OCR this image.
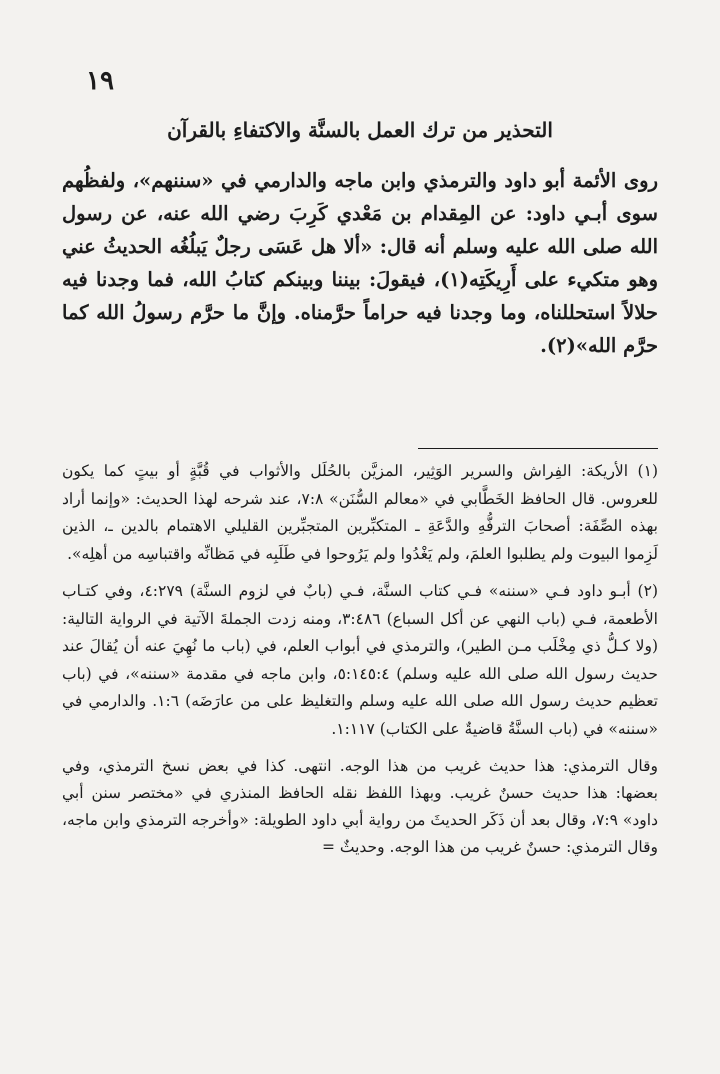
١٩
التحذير من ترك العمل بالسنَّة والاكتفاءِ بالقرآن
روى الأئمة أبو داود والترمذي وابن ماجه والدارمي في «سننهم»، ولفظُهم سوى أبـي داود: عن المِقدام بن مَعْدي كَرِبَ رضي الله عنه، عن رسول الله صلى الله عليه وسلم أنه قال: «ألا هل عَسَى رجلٌ يَبلُغُه الحديثُ عني وهو متكيء على أَرِيكَتِه(١)، فيقولَ: بيننا وبينكم كتابُ الله، فما وجدنا فيه حلالاً استحللناه، وما وجدنا فيه حراماً حرَّمناه. وإنَّ ما حرَّم رسولُ الله كما حرَّم الله»(٢).

(١) الأريكة: الفِراش والسرير الوَثِير، المزيَّن بالحُلَل والأثواب في قُبَّةٍ أو بيتٍ كما يكون للعروس. قال الحافظ الخَطَّابي في «معالم السُّنَن» ٧:٨، عند شرحه لهذا الحديث: «وإنما أراد بهذه الصِّفَة: أصحابَ الترفُّهِ والدَّعَةِ ـ المتكبِّرين المتجبِّرين القليلي الاهتمام بالدين ـ، الذين لَزِموا البيوت ولم يطلبوا العلمَ، ولم يَغْدُوا ولم يَرُوحوا في طَلَبِه في مَظانِّه واقتباسِه من أهلِه».

(٢) أبـو داود فـي «سننه» فـي كتاب السنَّة، فـي (بابٌ في لزوم السنَّة) ٤:٢٧٩، وفي كتـاب الأطعمة، فـي (باب النهي عن أكل السباع) ٣:٤٨٦، ومنه زدت الجملةَ الآتية في الرواية التالية: (ولا كـلُّ ذي مِخْلَب مـن الطير)، والترمذي في أبواب العلم، في (باب ما نُهِيَ عنه أن يُقالَ عند حديث رسول الله صلى الله عليه وسلم) ٥:١٤٥:٤، وابن ماجه في مقدمة «سننه»، في (باب تعظيم حديث رسول الله صلى الله عليه وسلم والتغليظ على من عارَضَه) ١:٦. والدارمي في «سننه» في (باب السنَّةُ قاضيةٌ على الكتاب) ١:١١٧.

وقال الترمذي: هذا حديث غريب من هذا الوجه. انتهى. كذا في بعض نسخ الترمذي، وفي بعضها: هذا حديث حسنٌ غريب. وبهذا اللفظ نقله الحافظ المنذري في «مختصر سنن أبي داود» ٧:٩، وقال بعد أن ذَكَر الحديثَ من رواية أبي داود الطويلة: «وأخرجه الترمذي وابن ماجه، وقال الترمذي: حسنٌ غريب من هذا الوجه. وحديثٌ =
